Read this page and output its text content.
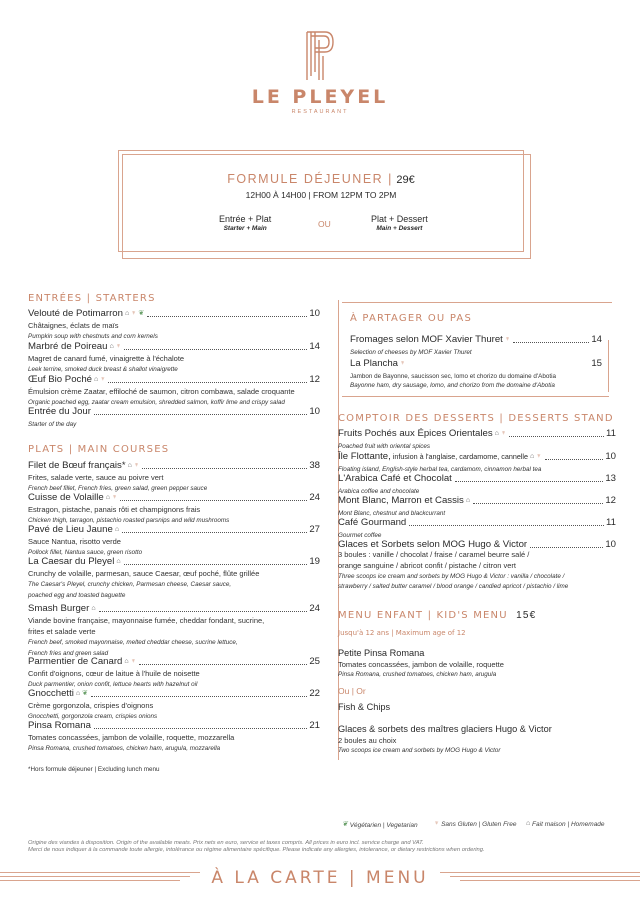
LE PLEYEL
RESTAURANT
FORMULE DÉJEUNER | 29€
12H00 À 14H00 | FROM 12PM TO 2PM
Entrée + Plat
Starter + Main	OU	Plat + Dessert
Main + Dessert
ENTRÉES | STARTERS
Velouté de Potimarron ⌂ ♆ ❦	10
Châtaignes, éclats de maïs
Pumpkin soup with chestnuts and corn kernels
Marbré de Poireau ⌂ ♆	14
Magret de canard fumé, vinaigrette à l'échalote
Leek terrine, smoked duck breast & shallot vinaigrette
Œuf Bio Poché ⌂ ♆	12
Émulsion crème Zaatar, effiloché de saumon, citron combawa, salade croquante
Organic poached egg, zaatar cream emulsion, shredded salmon, koffir lime and crispy salad
Entrée du Jour	10
Starter of the day
PLATS | MAIN COURSES
Filet de Bœuf français* ⌂ ♆	38
Frites, salade verte, sauce au poivre vert
French beef fillet, French fries, green salad, green pepper sauce
Cuisse de Volaille ⌂ ♆	24
Estragon, pistache, panais rôti et champignons frais
Chicken thigh, tarragon, pistachio roasted parsnips and wild mushrooms
Pavé de Lieu Jaune ⌂	27
Sauce Nantua, risotto verde
Pollock fillet, Nantua sauce, green risotto
La Caesar du Pleyel ⌂	19
Crunchy de volaille, parmesan, sauce Caesar, œuf poché, flûte grillée
The Caesar's Pleyel, crunchy chicken, Parmesan cheese, Caesar sauce,
poached egg and toasted baguette
Smash Burger ⌂	24
Viande bovine française, mayonnaise fumée, cheddar fondant, sucrine,
frites et salade verte
French beef, smoked mayonnaise, melted cheddar cheese, sucrine lettuce,
French fries and green salad
Parmentier de Canard ⌂ ♆	25
Confit d'oignons, cœur de laitue à l'huile de noisette
Duck parmentier, onion confit, lettuce hearts with hazelnut oil
Gnocchetti ⌂ ❦	22
Crème gorgonzola, crispies d'oignons
Gnocchetti, gorgonzola cream, crispies onions
Pinsa Romana	21
Tomates concassées, jambon de volaille, roquette, mozzarella
Pinsa Romana, crushed tomatoes, chicken ham, arugula, mozzarella
*Hors formule déjeuner | Excluding lunch menu
À PARTAGER OU PAS
Fromages selon MOF Xavier Thuret ♆	14
Selection of cheeses by MOF Xavier Thuret
La Plancha ♆	15
Jambon de Bayonne, saucisson sec, lomo et chorizo du domaine d'Abotia
Bayonne ham, dry sausage, lomo, and chorizo from the domaine d'Abotia
COMPTOIR DES DESSERTS | DESSERTS STAND
Fruits Pochés aux Épices Orientales ⌂ ♆	11
Poached fruit with oriental spices
Île Flottante, infusion à l'anglaise, cardamome, cannelle ⌂ ♆	10
Floating island, English-style herbal tea, cardamom, cinnamon herbal tea
L'Arabica Café et Chocolat	13
Arabica coffee and chocolate
Mont Blanc, Marron et Cassis ⌂	12
Mont Blanc, chestnut and blackcurrant
Café Gourmand	11
Gourmet coffee
Glaces et Sorbets selon MOG Hugo & Victor	10
3 boules : vanille / chocolat / fraise / caramel beurre salé /
orange sanguine / abricot confit / pistache / citron vert
Three scoops ice cream and sorbets by MOG Hugo & Victor : vanilla / chocolate /
strawberry / salted butter caramel / blood orange / candied apricot / pistachio / lime
MENU ENFANT | KID'S MENU 15€
Jusqu'à 12 ans | Maximum age of 12
Petite Pinsa Romana
Tomates concassées, jambon de volaille, roquette
Pinsa Romana, crushed tomatoes, chicken ham, arugula
Ou | Or
Fish & Chips
Glaces & sorbets des maîtres glaciers Hugo & Victor
2 boules au choix
Two scoops ice cream and sorbets by MOG Hugo & Victor
❦ Végétarien | Vegetarian ♆ Sans Gluten | Gluten Free ⌂ Fait maison | Homemade
Origine des viandes à disposition. Origin of the available meats. Prix nets en euro, service et taxes compris. All prices in euro incl. service charge and VAT.
Merci de nous indiquer à la commande toute allergie, intolérance ou régime alimentaire spécifique. Please indicate any allergies, intolerance, or dietary restrictions when ordering.
À LA CARTE | MENU
